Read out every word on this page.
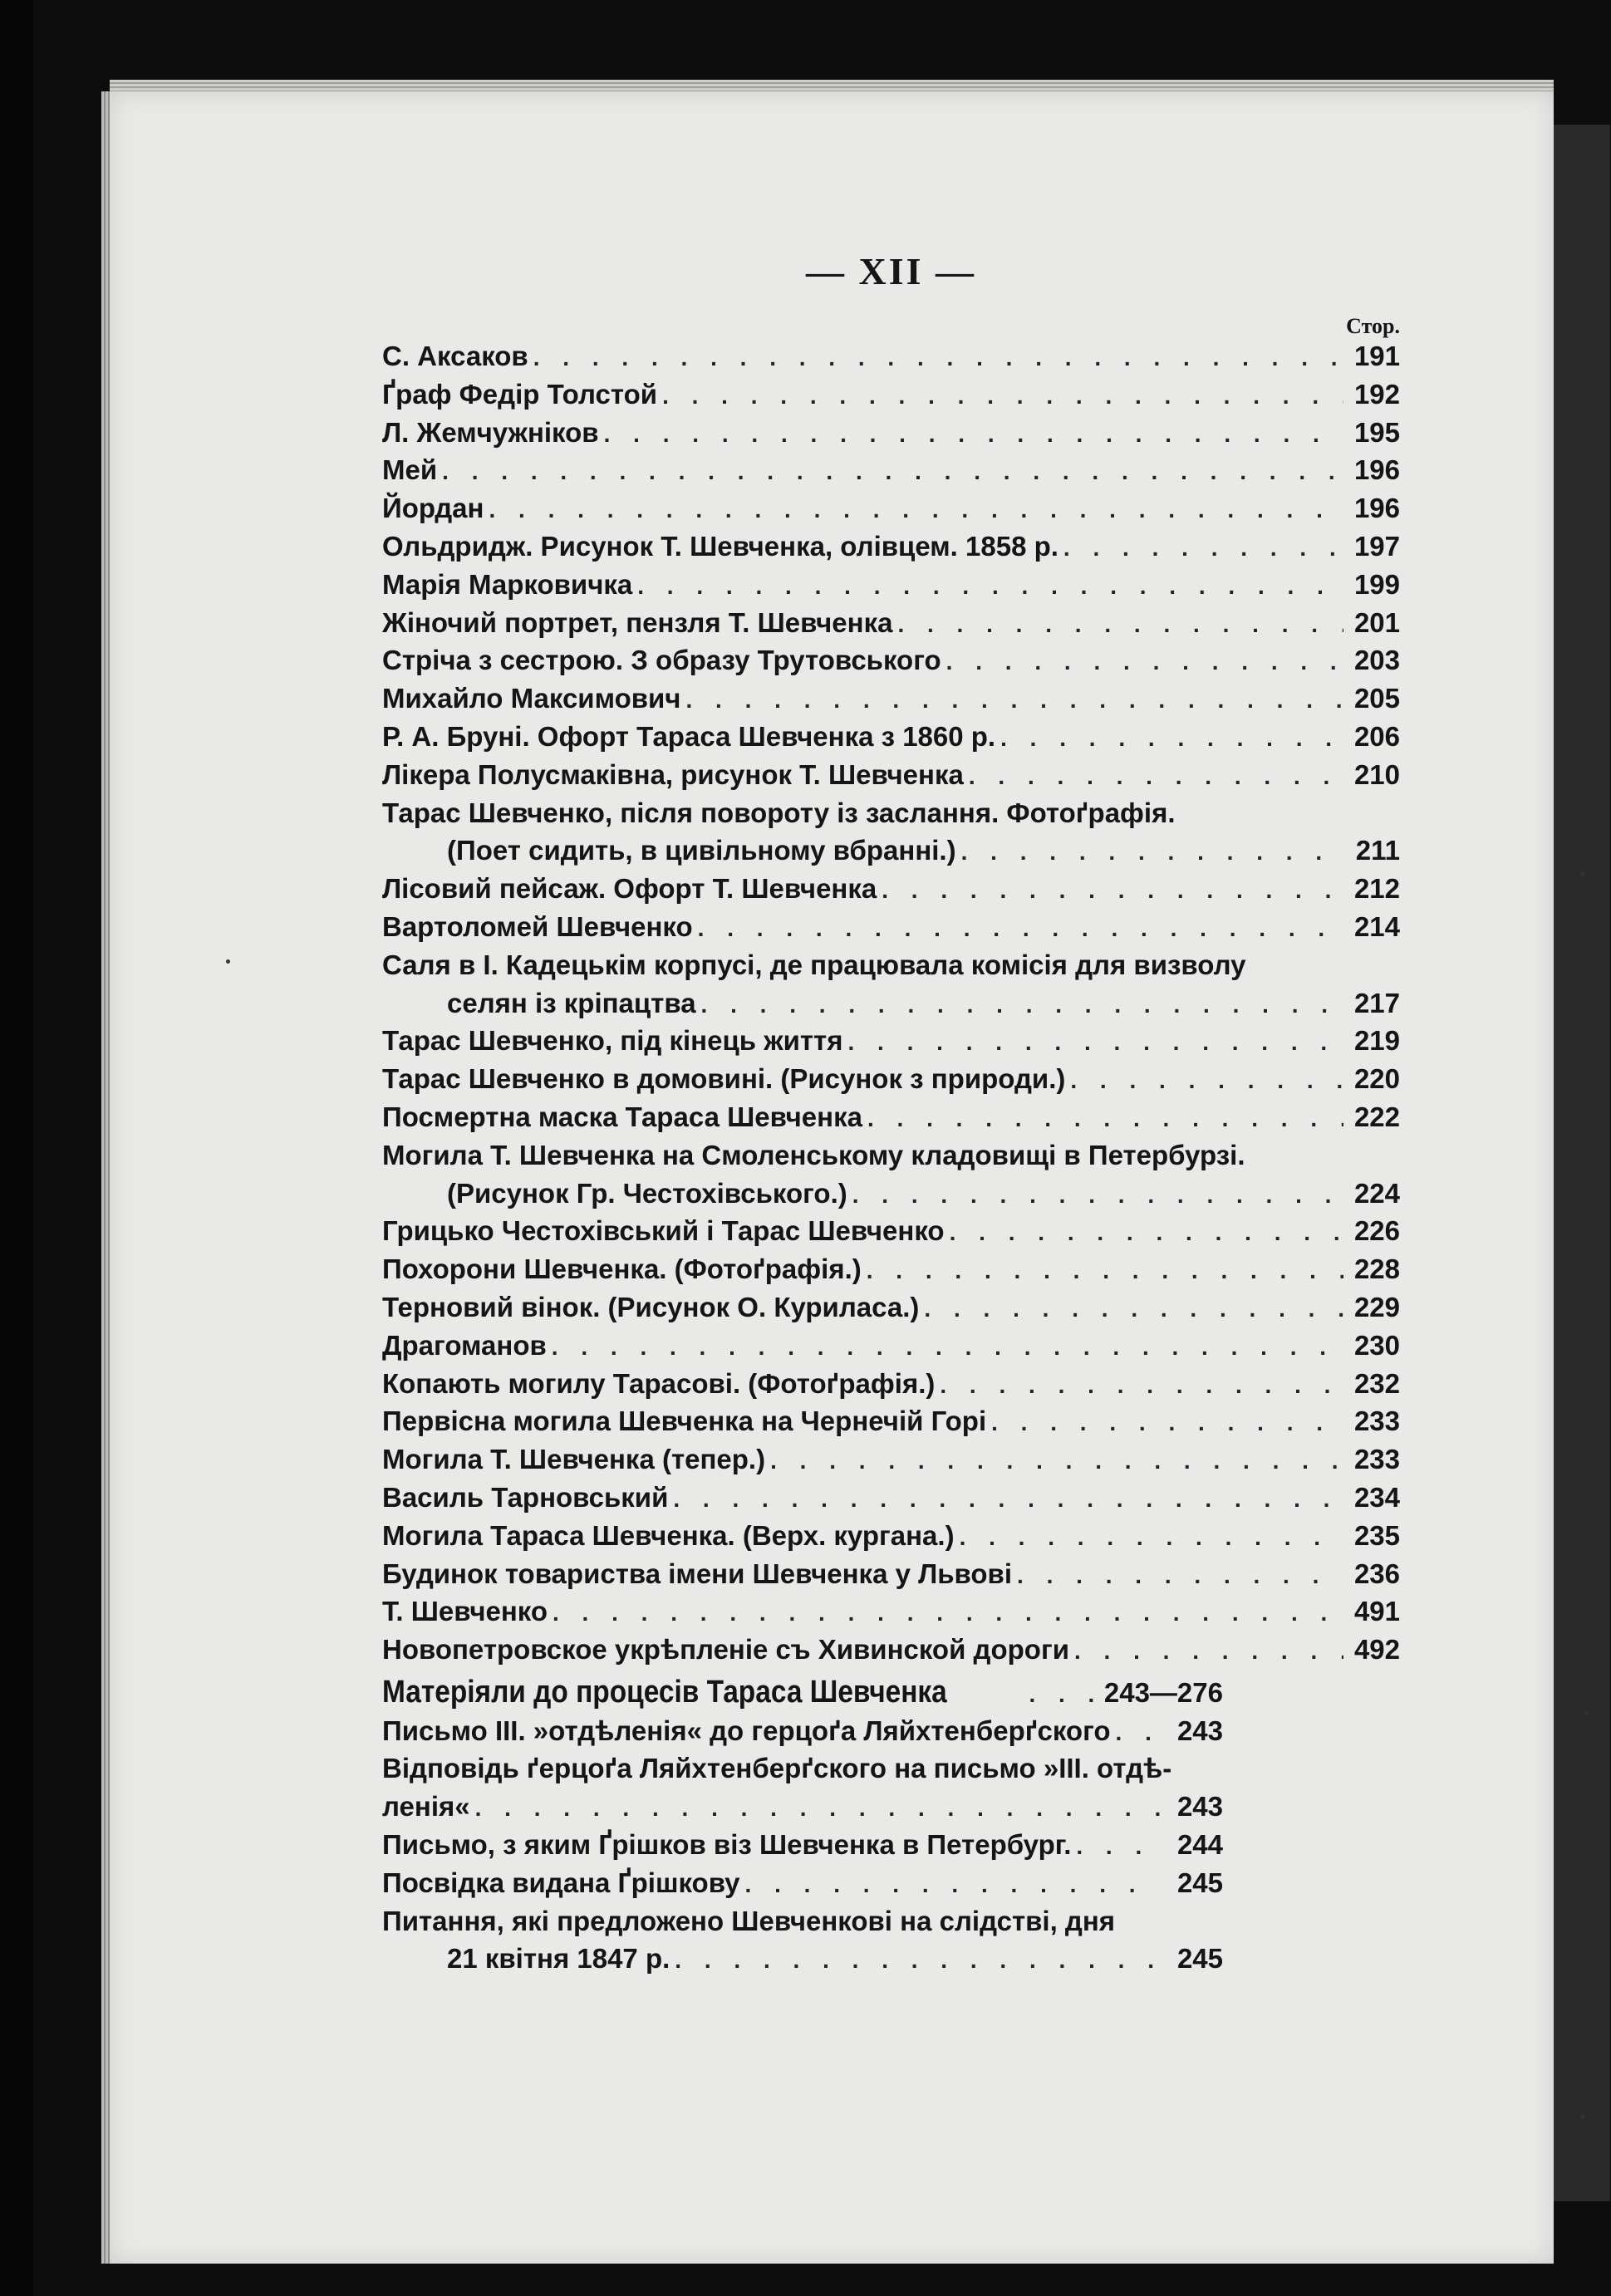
— XII —
Стор.
С. Аксаков . . .	191
Ґраф Федір Толстой . . .	192
Л. Жемчужніков . . .	195
Мей . . .	196
Йордан . . .	196
Ольдридж. Рисунок Т. Шевченка, олівцем. 1858 р. . . .	197
Марія Марковичка . . .	199
Жіночий портрет, пензля Т. Шевченка . . .	201
Стріча з сестрою. З образу Трутовського . . .	203
Михайло Максимович . . .	205
Р. А. Бруні. Офорт Тараса Шевченка з 1860 р. . . .	206
Лікера Полусмаківна, рисунок Т. Шевченка . . .	210
Тарас Шевченко, після повороту із заслання. Фотоґрафія.
(Поет сидить, в цивільному вбранні.) . . .	211
Лісовий пейсаж. Офорт Т. Шевченка . . .	212
Вартоломей Шевченко . . .	214
Саля в І. Кадецькім корпусі, де працювала комісія для визволу
селян із кріпацтва . . .	217
Тарас Шевченко, під кінець життя . . .	219
Тарас Шевченко в домовині. (Рисунок з природи.) . . .	220
Посмертна маска Тараса Шевченка . . .	222
Могила Т. Шевченка на Смоленському кладовищі в Петербурзі.
(Рисунок Гр. Честохівського.) . . .	224
Грицько Честохівський і Тарас Шевченко . . .	226
Похорони Шевченка. (Фотоґрафія.) . . .	228
Терновий вінок. (Рисунок О. Куриласа.) . . .	229
Драгоманов . . .	230
Копають могилу Тарасові. (Фотоґрафія.) . . .	232
Первісна могила Шевченка на Чернечій Горі . . .	233
Могила Т. Шевченка (тепер.) . . .	233
Василь Тарновський . . .	234
Могила Тараса Шевченка. (Верх. кургана.) . . .	235
Будинок товариства імени Шевченка у Львові . . .	236
Т. Шевченко . . .	491
Новопетровское укрѣпленіе съ Хивинской дороги . . .	492
Матеріяли до процесів Тараса Шевченка . . .	243—276
Письмо ІІІ. »отдѣленія« до герцоґа Ляйхтенберґского . . .	243
Відповідь ґерцоґа Ляйхтенберґского на письмо »ІІІ. отдѣ-
ленія« . . .	243
Письмо, з яким Ґрішков віз Шевченка в Петербург. . . .	244
Посвідка видана Ґрішкову . . .	245
Питання, які предложено Шевченкові на слідстві, дня
21 квітня 1847 р. . . .	245
